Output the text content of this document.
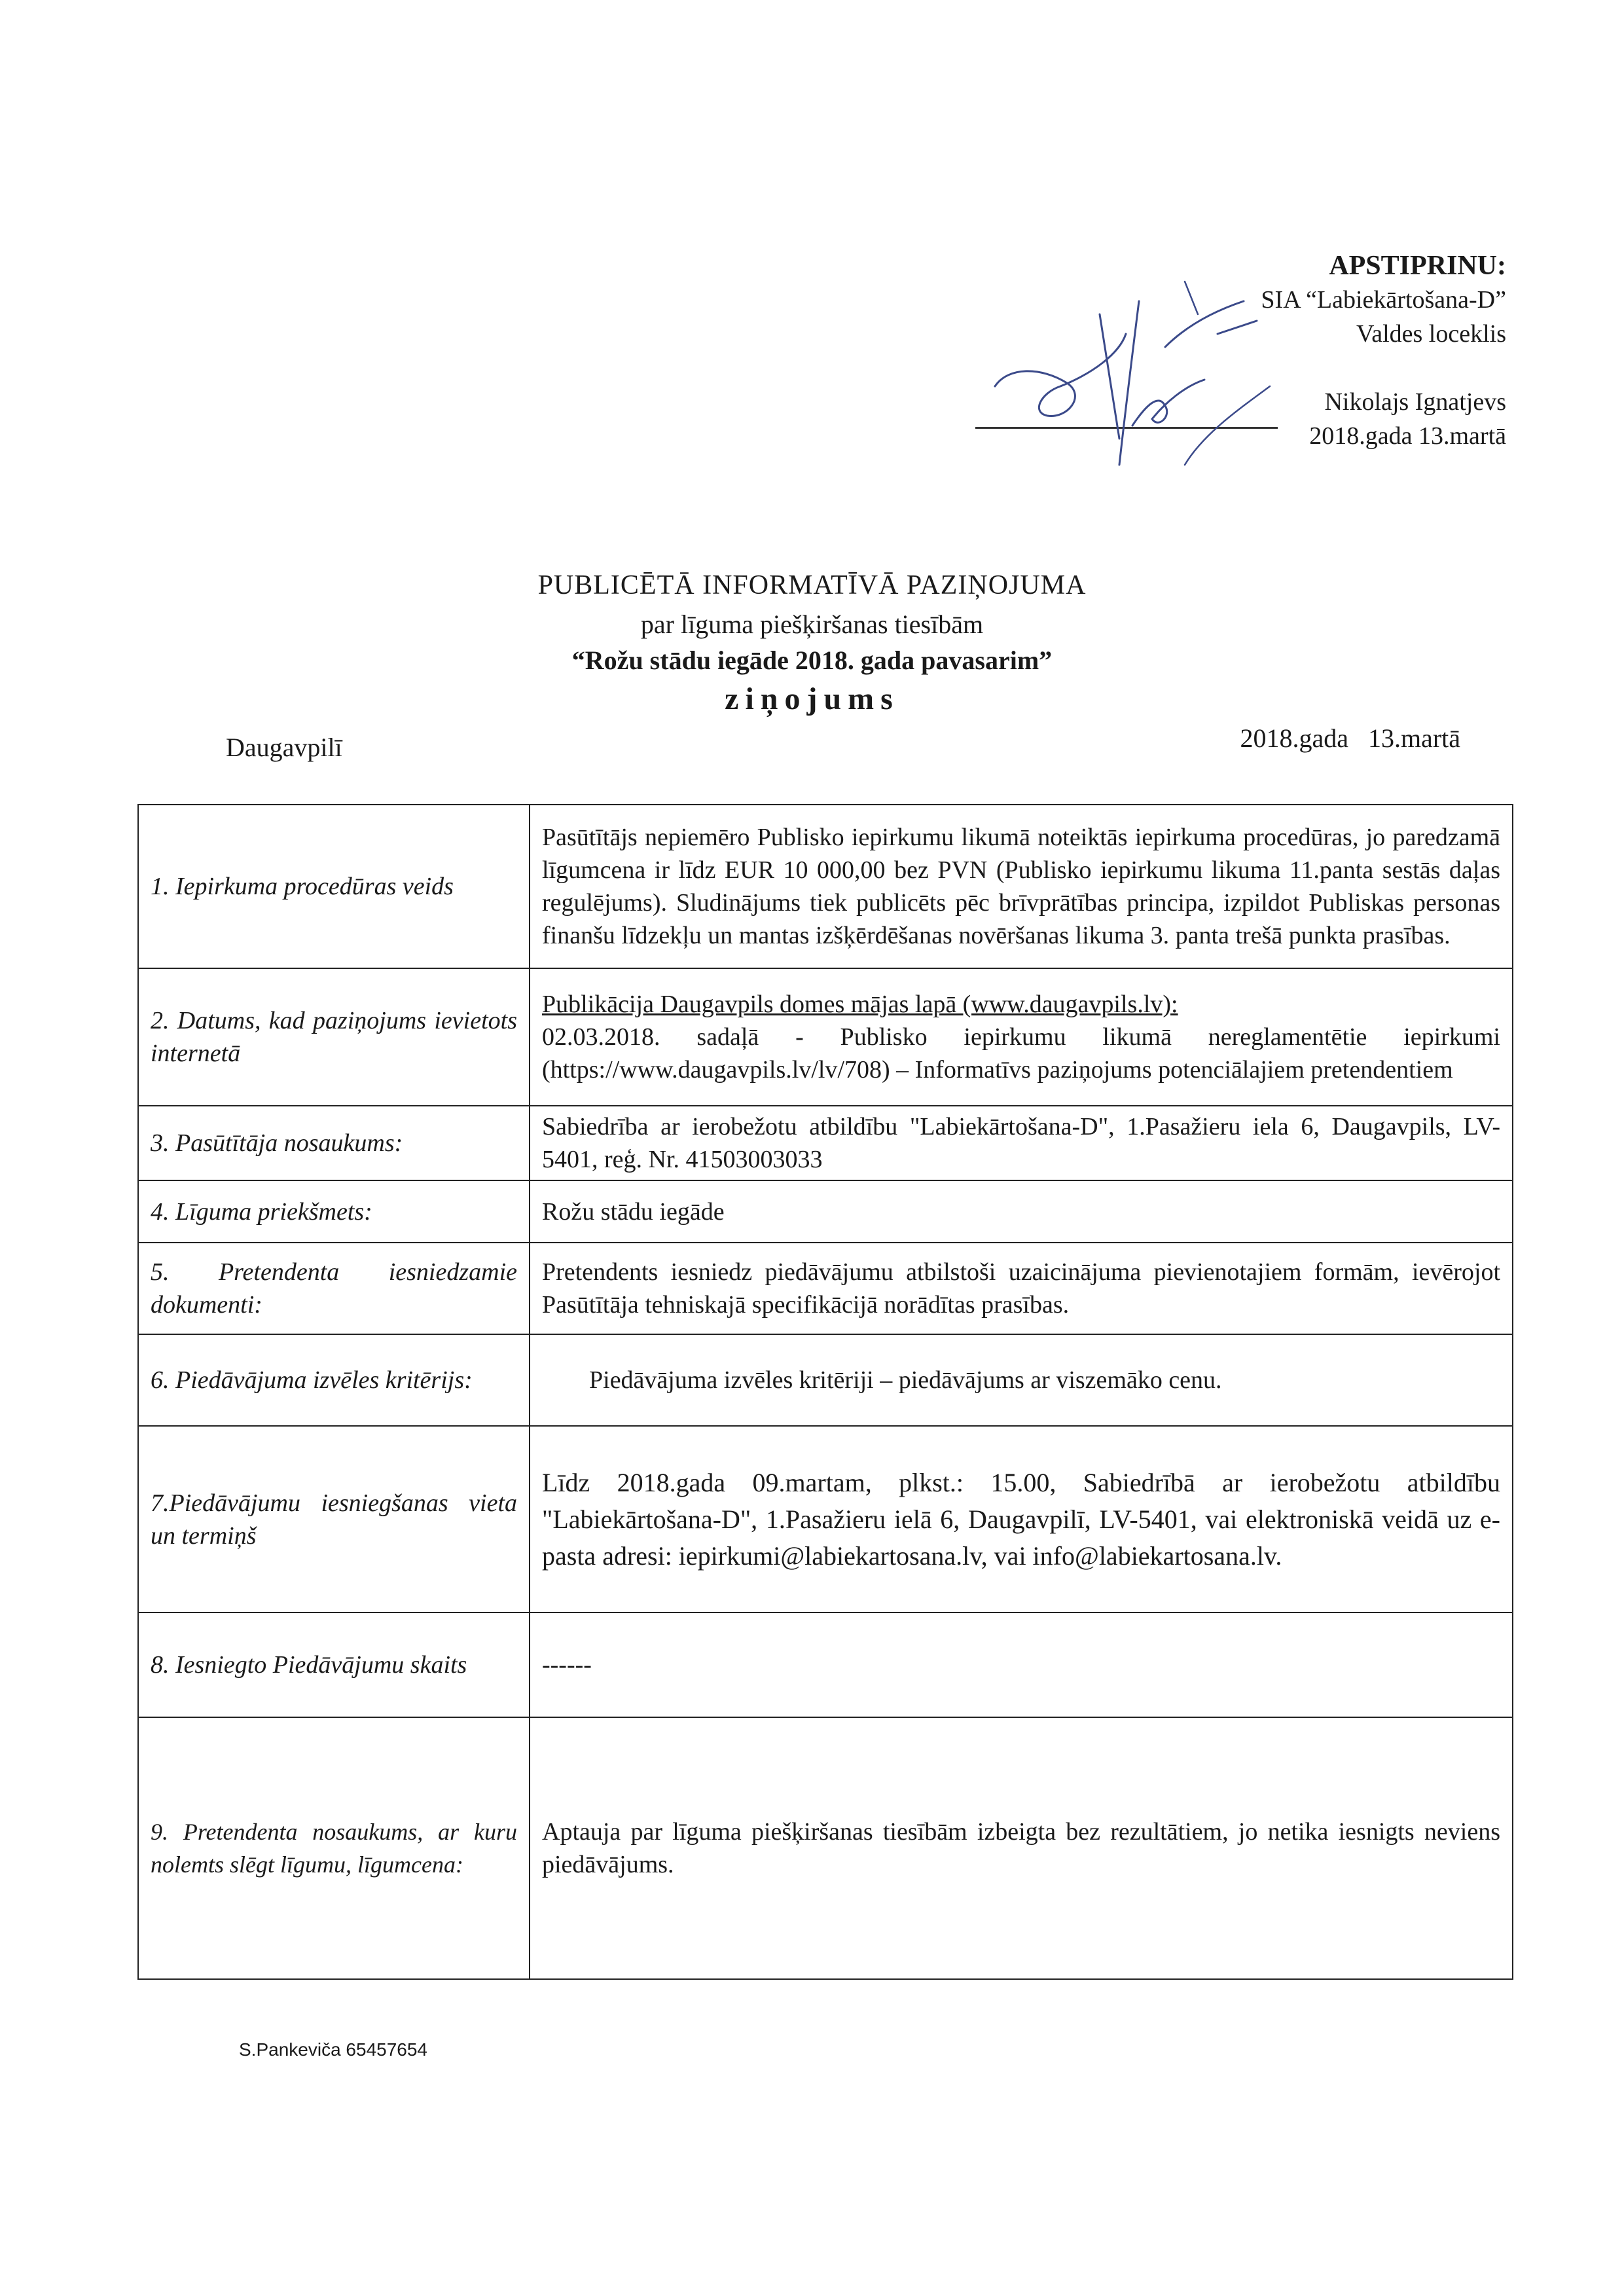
APSTIPRINU:
SIA “Labiekārtošana-D”
Valdes loceklis
Nikolajs Ignatjevs
2018.gada 13.martā
PUBLICĒTĀ INFORMATĪVĀ PAZIŅOJUMA
par līguma piešķiršanas tiesībām
“Rožu stādu iegāde 2018. gada pavasarim”
ziņojums
Daugavpilī	2018.gada   13.martā
1. Iepirkuma procedūras veids	Pasūtītājs nepiemēro Publisko iepirkumu likumā noteiktās iepirkuma procedūras, jo paredzamā līgumcena ir līdz EUR 10 000,00 bez PVN (Publisko iepirkumu likuma 11.panta sestās daļas regulējums). Sludinājums tiek publicēts pēc brīvprātības principa, izpildot Publiskas personas finanšu līdzekļu un mantas izšķērdēšanas novēršanas likuma 3. panta trešā punkta prasības.
2. Datums, kad paziņojums ievietots internetā	Publikācija Daugavpils domes mājas lapā (www.daugavpils.lv):
02.03.2018. sadaļā - Publisko iepirkumu likumā nereglamentētie iepirkumi (https://www.daugavpils.lv/lv/708) – Informatīvs paziņojums potenciālajiem pretendentiem

3. Pasūtītāja nosaukums:	Sabiedrība ar ierobežotu atbildību "Labiekārtošana-D", 1.Pasažieru iela 6, Daugavpils, LV-5401, reģ. Nr. 41503003033
4. Līguma priekšmets:	Rožu stādu iegāde
5. Pretendenta iesniedzamie dokumenti:	Pretendents iesniedz piedāvājumu atbilstoši uzaicinājuma pievienotajiem formām, ievērojot Pasūtītāja tehniskajā specifikācijā norādītas prasības.
6. Piedāvājuma izvēles kritērijs:	Piedāvājuma izvēles kritēriji – piedāvājums ar viszemāko cenu.
7.Piedāvājumu iesniegšanas vieta un termiņš	Līdz 2018.gada 09.martam, plkst.: 15.00, Sabiedrībā ar ierobežotu atbildību "Labiekārtošana-D", 1.Pasažieru ielā 6, Daugavpilī, LV-5401, vai elektroniskā veidā uz e-pasta adresi: iepirkumi@labiekartosana.lv, vai info@labiekartosana.lv.
8. Iesniegto Piedāvājumu skaits	------
9. Pretendenta nosaukums, ar kuru nolemts slēgt līgumu, līgumcena:	Aptauja par līguma piešķiršanas tiesībām izbeigta bez rezultātiem, jo netika iesnigts neviens piedāvājums.
S.Pankeviča 65457654
